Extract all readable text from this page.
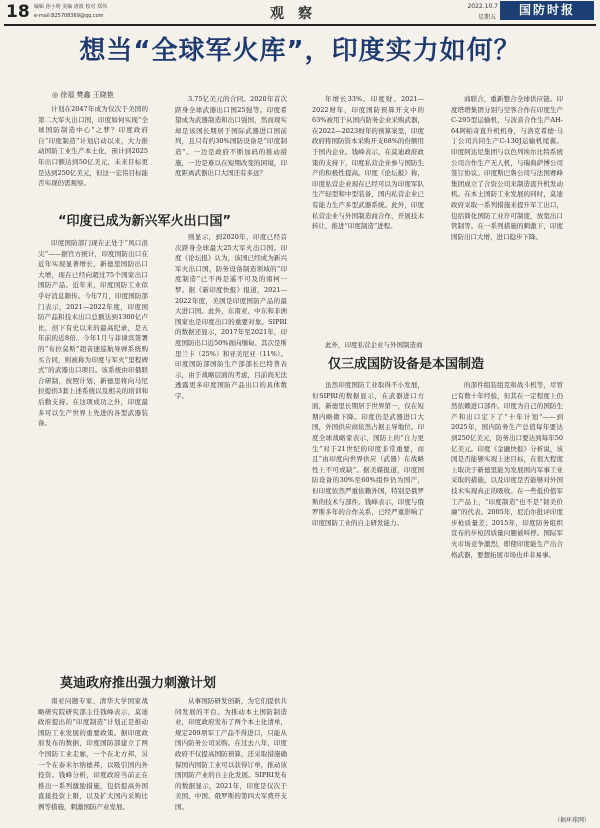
18 编辑 孙小明 美编 唐波 校对 郑伟
e-mail:825708369@qq.com	观察	2022.10.7
星期五
国防时报
想当“全球军火库”，印度实力如何？
◎ 徐福 樊鑫 王晓艳

计划在2047年成为仅次于美国的第二大军火出口国，印度如何实现“全球国防制造中心”之梦？印度政府自“印度制造”计划启动以来，大力推动国防工业生产本土化，预计到2025年出口额达到50亿美元，未来目标更是达到250亿美元，但这一宏伟目标能否实现仍需观察。

3.75亿美元的合同。2020年首次跻身全球武器出口国25强等。印度希望成为武器制造和出口强国，然而现实却是该国长期居于国际武器进口国前列，且只有约30%国防设备是“印度制造”。一边是政府不断加码的推动措施，一边是难以在短期改变的困境，印度距离武器出口大国还有多远？

年增长33%。印度财、2021—2022财年，印度国防预算开支中的63%被用于从国内防务企业采购武器，在2022—2023财年的预算案里，印度政府将国防资本采购开支68%的份额用于国内企业。钱峰表示，在莫迪政府政策的支持下，印度私营企业参与国防生产的积极性提高。印度《论坛报》称，印度私营企业现在已经可以为印度军队生产轻型和中型装备，国内私营企业已有能力生产多型武器系统。此外，印度私营企业与外国制造商合作，开展技术转让，推进“印度制造”进程。

商联合，重新整合全球供应链。印度塔塔集团分别与空客合作在印度生产C-295型运输机，与波音合作生产AH-64阿帕奇直升机机身，与洛克希德·马丁公司共同生产C-130J运输机尾翼。印度阿达尼集团与以色列埃尔比特系统公司合作生产无人机，与瑞典萨博公司签订协议。印度斯巴鲁公司与法国赛峰集团成立了合资公司来制造直升机发动机。在本土国防工业发展的同时，莫迪政府采取一系列措施来提升军工出口，包括简化国防工业许可制度，放宽出口管制等。在一系列措施的刺激下，印度国防出口大增，进口稳步下降。

“印度已成为新兴军火出口国”

印度国防部门现在正处于“风口浪尖”——据官方统计，印度国防出口在近年实现显著增长，新德里国防出口大增，现在已经向超过75个国家出口国防产品。近年来，印度国防工业似乎好消息颇传。今年7月，印度国防部门表示，2021—2022年度，印度国防产品和技术出口总额达到1300亿卢比，创下有史以来的最高纪录，是五年前的近8倍。今年1月与菲律宾签署的“布拉莫斯”超音速巡航导弹系统购买合同，则被称为印度与军火“里程碑式”的武器出口项目。该系统由印俄联合研制，按照计划，新德里将向马尼拉提供3套上述系统以及相关的培训和后勤支持。在这项成功之外，印度最多可以生产世界上先进的各型武器装备。

则显示，到2020年，印度已经首次跻身全球最大25大军火出口国。印度《论坛报》认为，该国已经成为新兴军火出口国，防务设备制造领域的“印度制造”已不再是遥不可及的南柯一梦。据《新印度快报》报道，2021—2022年度，美国是印度国防产品的最大进口国。此外，东南亚、中东和非洲国家也是印度出口的重要对象。SIPRI的数据还显示，2017年至2021年，印度国防出口近50%面向缅甸、其次是斯里兰卡（25%）和亚美尼亚（11%）。印度国防部国防生产部部长巴特普表示，由于战略层面的考虑，目前尚无法透露更多印度国防产品出口的具体数字。

此外，印度私营企业与外国制造商

仅三成国防设备是本国制造

虽然印度国防工业取得不小发展，但SIPRI的数据显示，在武器进口方面，新德里长期居于世界第一，仅在短期内略微下降。印度仍是武器进口大国，外国供应商依然占据主导地位。印度全球战略家表示，国防上的“自力更生”对于21世纪的印度非常重要，而且“由印度向世界供应（武器）在战略性上不可或缺”。据美媒报道，印度国防设备的30%至60%组件仍为国产，但印度依然严重依赖外国，特别是俄罗斯的技术与部件。钱峰表示，印度与俄罗斯多年的合作关系，已经严重影响了印度国防工业的自主研发能力。

的部件组装组克和战斗机等，尽管已有数十年经验，但其在一定程度上仍然依赖进口部件。印度为自己的国防生产和出口定下了“十年计划”——到2025年，国内防务生产总值每年要达到250亿美元，防务出口要达到每年50亿美元。印度《金融快报》分析说，该国是否能够实现上述目标，在很大程度上取决于新德里能为发展国内军事工业采取的措施，以及印度是否能够对外国技术实现真正的吸收。在一些低价值军工产品上，“印度制造”也不是“韧美价廉”的代表。2005年，尼泊尔批评印度步枪质量差；2015年，印度防务组织宣布的步枪因质量问题被叫停。国际军火市场竞争激烈，即使印度能生产出合格武器，要想拓展市场也并非易事。

莫迪政府推出强力刺激计划

南亚问题专家、清华大学国家战略研究院研究部主任钱峰表示，莫迪政府提出的“印度制造”计划正是推动国防工业发展的重要政策。据印度政府发布的数据，印度国防部建立了两个国防工业走廊，一个在北方邦，另一个在泰米尔纳德邦，以吸引国内外投资。钱峰分析，印度政府当前正在推出一系列激励措施，包括提高外国直接投资上限，以及扩大国内采购比例等措施，刺激国防产业发展。

从事国防研发创新，为它们提供共同发展的平台。为推动本土国防制造业，印度政府发布了两个本土化清单，规定209项军工产品不得进口，只能从国内防务公司采购。在过去八年，印度政府不仅提高国防预算，还采取措施确保国内国防工业可以获得订单，推动该国国防产业的自主化发展。SIPRI发布的数据显示，2021年，印度是仅次于美国、中国、俄罗斯的第四大军费开支国。

（据环球网）
